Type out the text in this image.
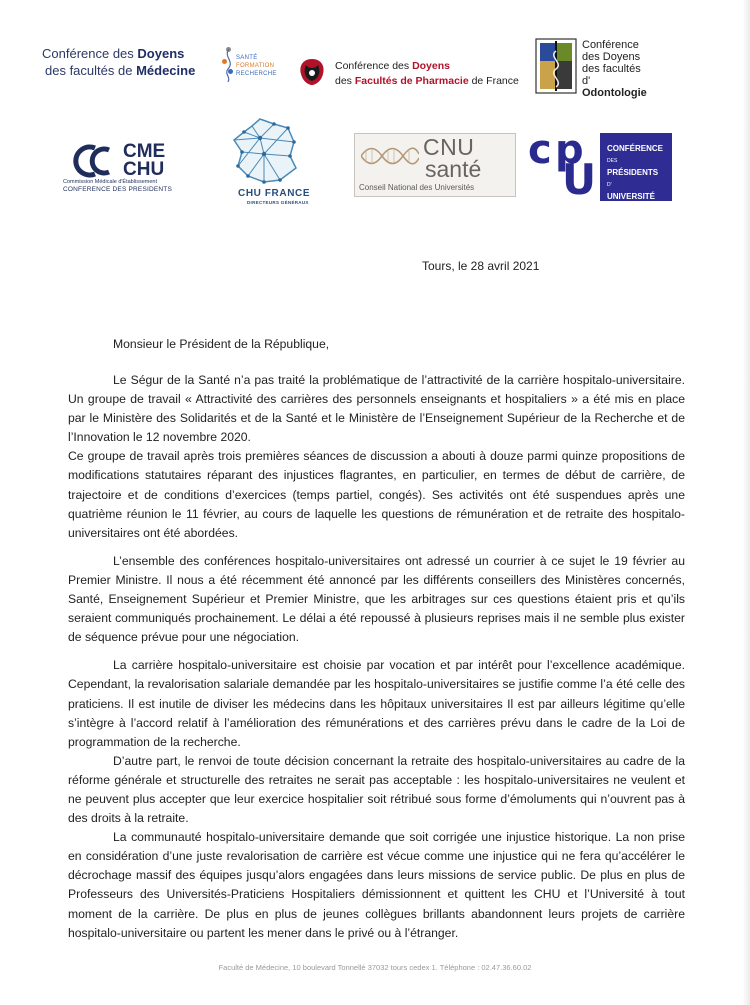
Conférence des Doyens
des facultés de Médecine
SANTÉ
FORMATION
RECHERCHE
Conférence des Doyens
des Facultés de Pharmacie de France
Conférence
des Doyens
des facultés
d'
Odontologie
CME
CHU
Commission Médicale d'Établissement
CONFERENCE DES PRESIDENTS	CHU FRANCE
DIRECTEURS GÉNÉRAUX
CNU
santé
Conseil National des Universités
c p
U
CONFÉRENCE
DES
PRÉSIDENTS
D'
UNIVERSITÉ
Tours, le 28 avril 2021
Monsieur le Président de la République,

Le Ségur de la Santé n’a pas traité la problématique de l’attractivité de la carrière hospitalo-universitaire. Un groupe de travail « Attractivité des carrières des personnels enseignants et hospitaliers » a été mis en place par le Ministère des Solidarités et de la Santé et le Ministère de l’Enseignement Supérieur de la Recherche et de l’Innovation le 12 novembre 2020.

Ce groupe de travail après trois premières séances de discussion a abouti à douze parmi quinze propositions de modifications statutaires réparant des injustices flagrantes, en particulier, en termes de début de carrière, de trajectoire et de conditions d’exercices (temps partiel, congés). Ses activités ont été suspendues après une quatrième réunion le 11 février, au cours de laquelle les questions de rémunération et de retraite des hospitalo-universitaires ont été abordées.

L’ensemble des conférences hospitalo-universitaires ont adressé un courrier à ce sujet le 19 février au Premier Ministre. Il nous a été récemment été annoncé par les différents conseillers des Ministères concernés, Santé, Enseignement Supérieur et Premier Ministre, que les arbitrages sur ces questions étaient pris et qu’ils seraient communiqués prochainement. Le délai a été repoussé à plusieurs reprises mais il ne semble plus exister de séquence prévue pour une négociation.

La carrière hospitalo-universitaire est choisie par vocation et par intérêt pour l’excellence académique. Cependant, la revalorisation salariale demandée par les hospitalo-universitaires se justifie comme l’a été celle des praticiens. Il est inutile de diviser les médecins dans les hôpitaux universitaires Il est par ailleurs légitime qu’elle s’intègre à l’accord relatif à l’amélioration des rémunérations et des carrières prévu dans le cadre de la Loi de programmation de la recherche.

D’autre part, le renvoi de toute décision concernant la retraite des hospitalo-universitaires au cadre de la réforme générale et structurelle des retraites ne serait pas acceptable : les hospitalo-universitaires ne veulent et ne peuvent plus accepter que leur exercice hospitalier soit rétribué sous forme d’émoluments qui n’ouvrent pas à des droits à la retraite.

La communauté hospitalo-universitaire demande que soit corrigée une injustice historique. La non prise en considération d’une juste revalorisation de carrière est vécue comme une injustice qui ne fera qu’accélérer le décrochage massif des équipes jusqu’alors engagées dans leurs missions de service public. De plus en plus de Professeurs des Universités-Praticiens Hospitaliers démissionnent et quittent les CHU et l’Université à tout moment de la carrière. De plus en plus de jeunes collègues brillants abandonnent leurs projets de carrière hospitalo-universitaire ou partent les mener dans le privé ou à l’étranger.

Faculté de Médecine, 10 boulevard Tonnellé 37032 tours cedex 1. Téléphone : 02.47.36.60.02
